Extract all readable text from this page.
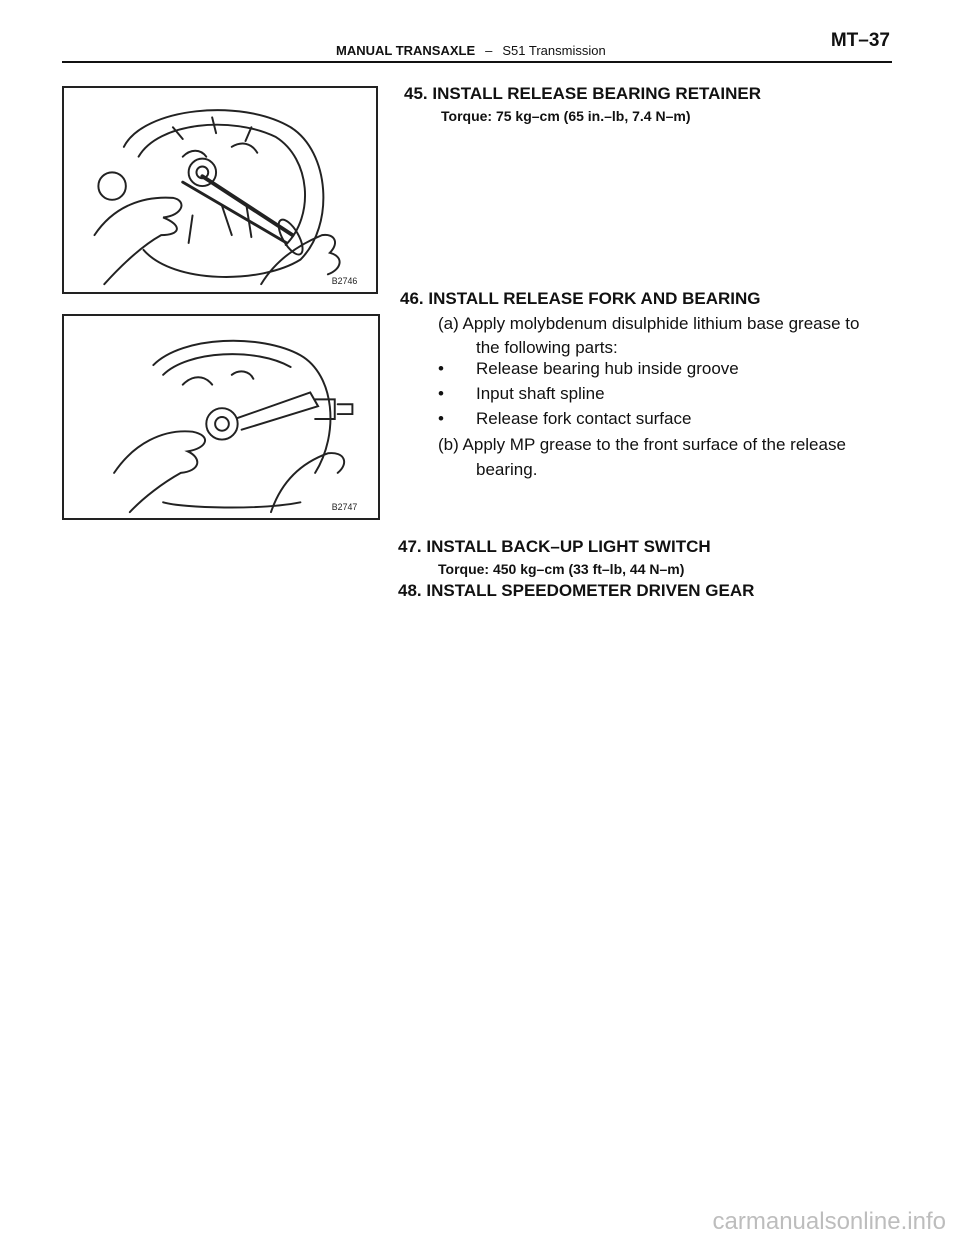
MANUAL TRANSAXLE – S51 Transmission	MT–37
B2746
B2747
45. INSTALL RELEASE BEARING RETAINER
Torque: 75 kg–cm (65 in.–lb, 7.4 N–m)
46. INSTALL RELEASE FORK AND BEARING
(a) Apply molybdenum disulphide lithium base grease to
the following parts:
• Release bearing hub inside groove
• Input shaft spline
• Release fork contact surface
(b) Apply MP grease to the front surface of the release
bearing.
47. INSTALL BACK–UP LIGHT SWITCH
Torque: 450 kg–cm (33 ft–lb, 44 N–m)
48. INSTALL SPEEDOMETER DRIVEN GEAR
carmanualsonline.info
